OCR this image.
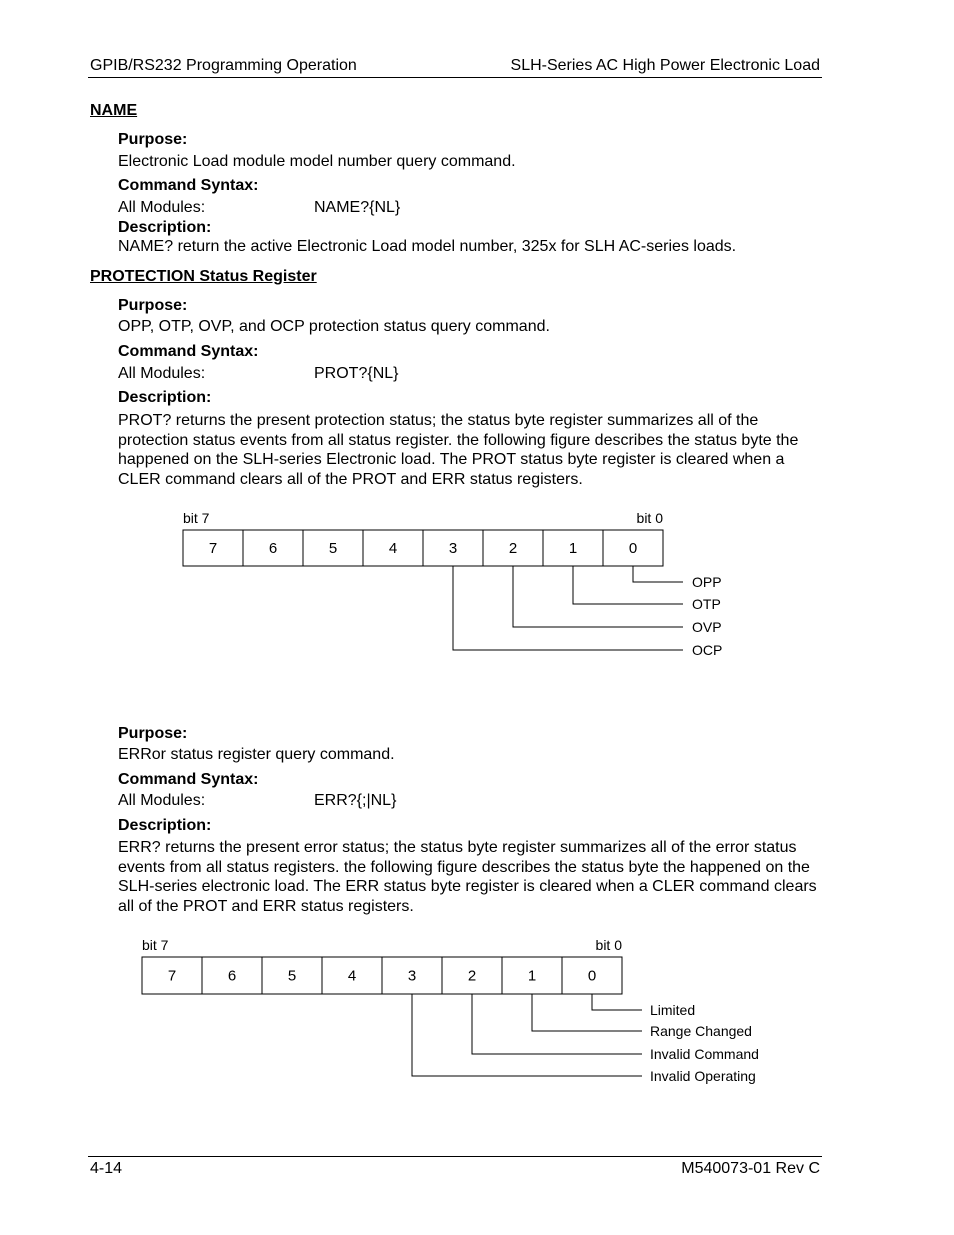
GPIB/RS232 Programming Operation	SLH-Series AC High Power Electronic Load
NAME
Purpose:
Electronic Load module model number query command.
Command Syntax:
All Modules:	NAME?{NL}
Description:
NAME? return the active Electronic Load model number, 325x for SLH AC-series loads.
PROTECTION Status Register
Purpose:
OPP, OTP, OVP, and OCP protection status query command.
Command Syntax:
All Modules:	PROT?{NL}
Description:
PROT? returns the present protection status; the status byte register summarizes all of the protection status events from all status register. the following figure describes the status byte the happened on the SLH-series Electronic load. The PROT status byte register is cleared when a CLER command clears all of the PROT and ERR status registers.
Purpose:
ERRor status register query command.
Command Syntax:
All Modules:	ERR?{;|NL}
Description:
ERR? returns the present error status; the status byte register summarizes all of the error status events from all status registers. the following figure describes the status byte the happened on the SLH-series electronic load. The ERR status byte register is cleared when a CLER command clears all of the PROT and ERR status registers.
bit 7	bit 0
7	6	5	4	3	2	1	0
OPP
OTP
OVP
OCP
bit 7	bit 0
7	6	5	4	3	2	1	0
Limited
Range Changed
Invalid Command
Invalid Operating
4-14	M540073-01 Rev C
